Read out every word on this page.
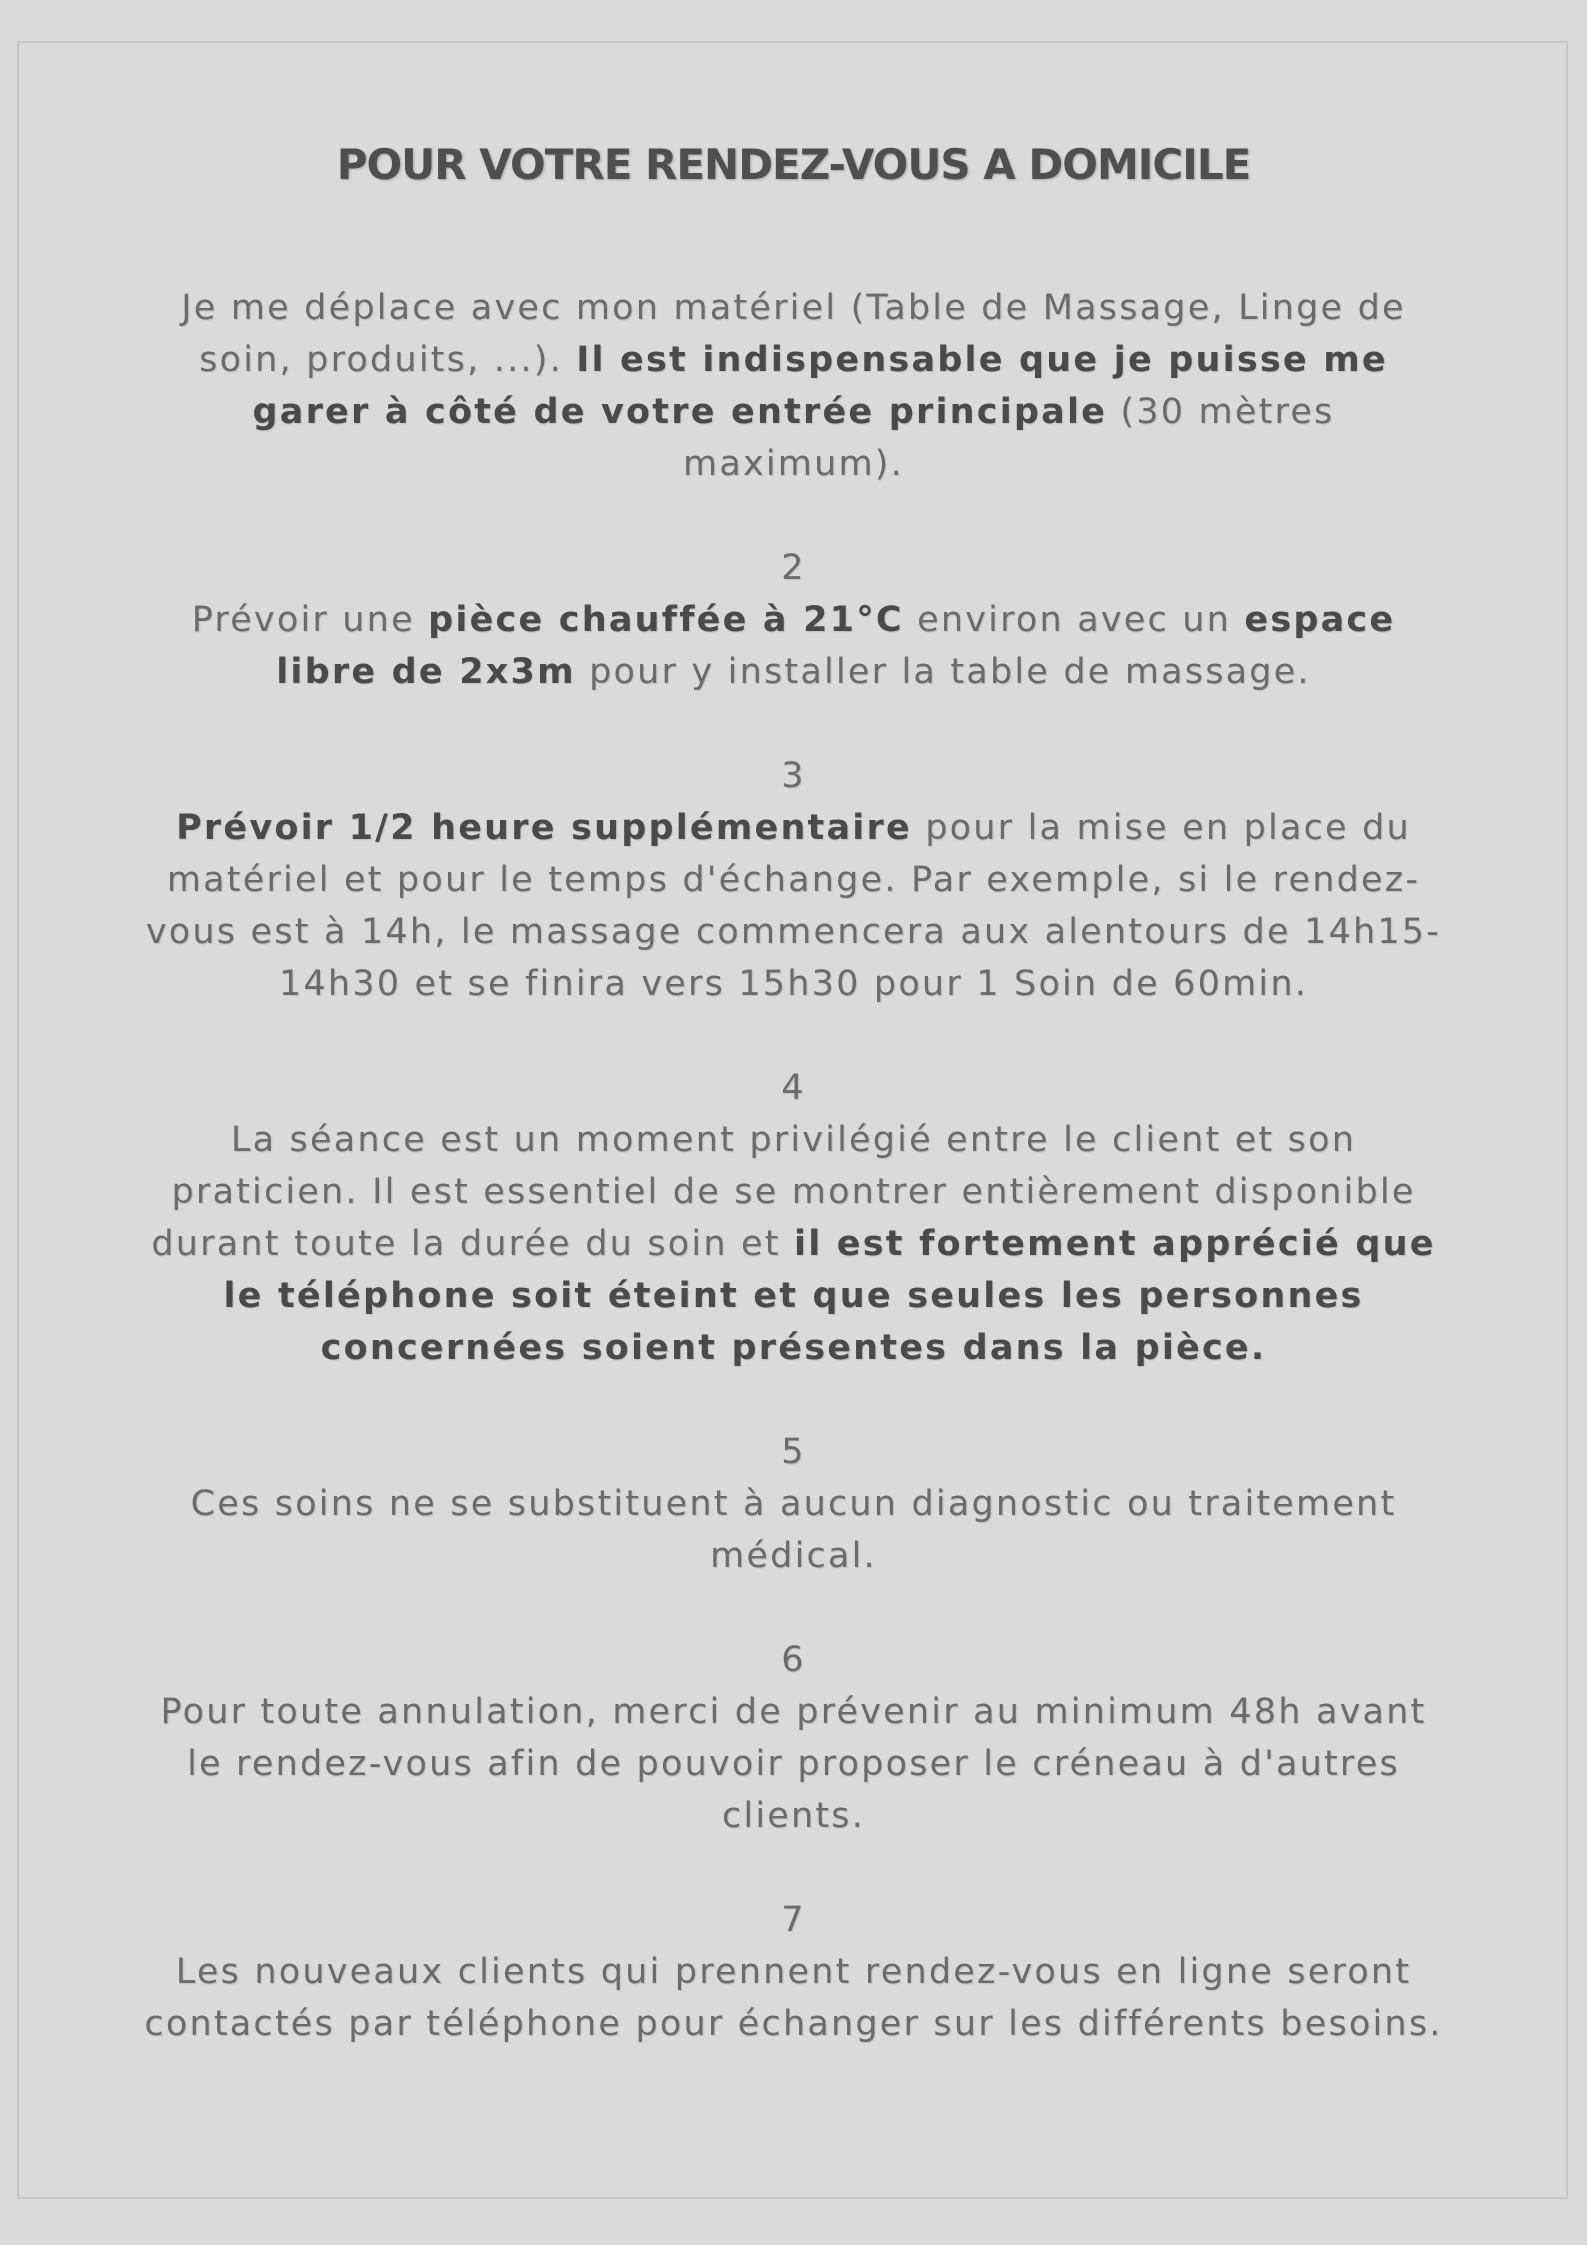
POUR VOTRE RENDEZ-VOUS A DOMICILE
Je me déplace avec mon matériel (Table de Massage, Linge de soin, produits, ...). Il est indispensable que je puisse me garer à côté de votre entrée principale (30 mètres maximum).
2
Prévoir une pièce chauffée à 21°C environ avec un espace libre de 2x3m pour y installer la table de massage.
3
Prévoir 1/2 heure supplémentaire pour la mise en place du matériel et pour le temps d'échange. Par exemple, si le rendez-vous est à 14h, le massage commencera aux alentours de 14h15-14h30 et se finira vers 15h30 pour 1 Soin de 60min.
4
La séance est un moment privilégié entre le client et son praticien. Il est essentiel de se montrer entièrement disponible durant toute la durée du soin et il est fortement apprécié que le téléphone soit éteint et que seules les personnes concernées soient présentes dans la pièce.
5
Ces soins ne se substituent à aucun diagnostic ou traitement médical.
6
Pour toute annulation, merci de prévenir au minimum 48h avant le rendez-vous afin de pouvoir proposer le créneau à d'autres clients.
7
Les nouveaux clients qui prennent rendez-vous en ligne seront contactés par téléphone pour échanger sur les différents besoins.
